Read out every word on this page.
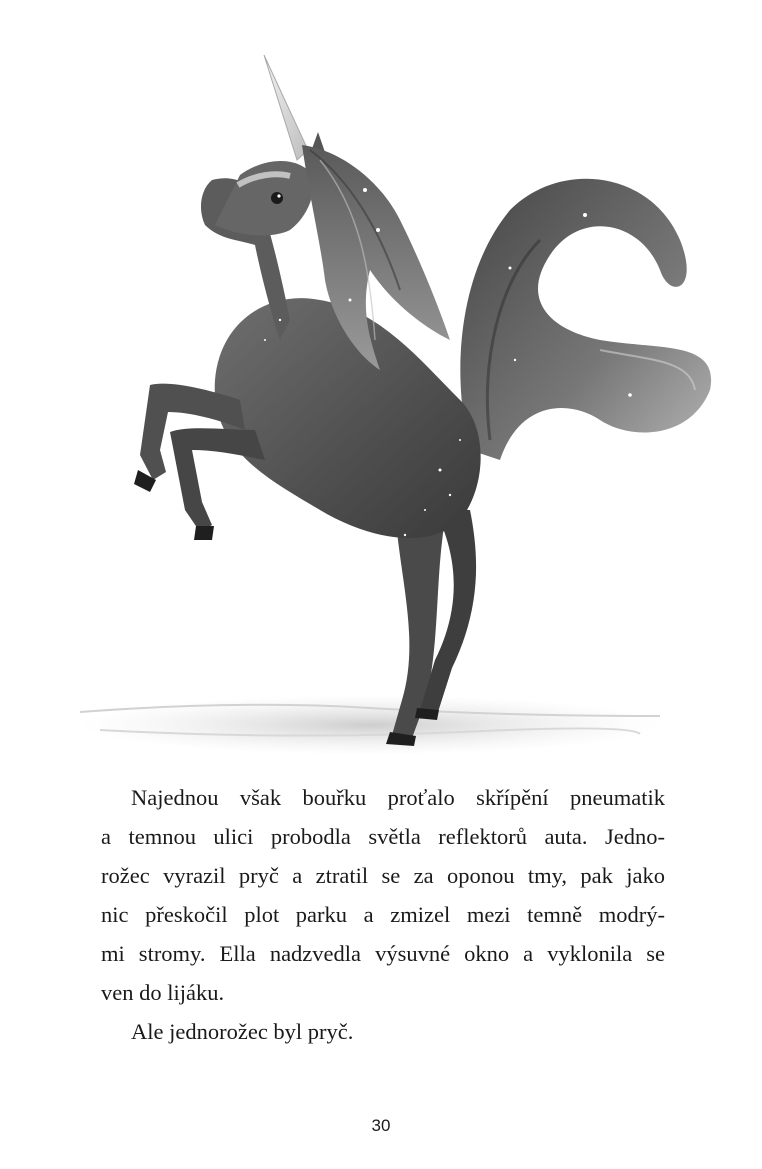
Najednou však bouřku proťalo skřípění pneumatik
a temnou ulici probodla světla reflektorů auta. Jedno-
rožec vyrazil pryč a ztratil se za oponou tmy, pak jako
nic přeskočil plot parku a zmizel mezi temně modrý-
mi stromy. Ella nadzvedla výsuvné okno a vyklonila se
ven do lijáku.

Ale jednorožec byl pryč.

30
